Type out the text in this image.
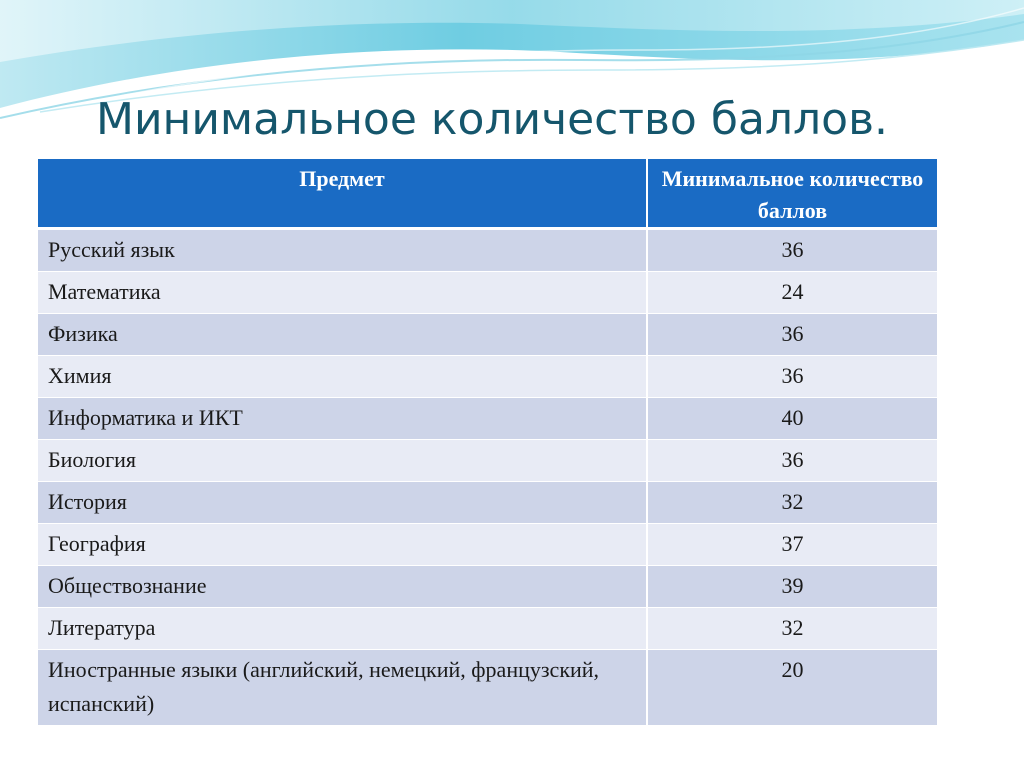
Минимальное количество баллов.
Предмет	Минимальное количество баллов
Русский язык	36
Математика	24
Физика	36
Химия	36
Информатика и ИКТ	40
Биология	36
История	32
География	37
Обществознание	39
Литература	32
Иностранные языки (английский, немецкий, французский, испанский)	20
